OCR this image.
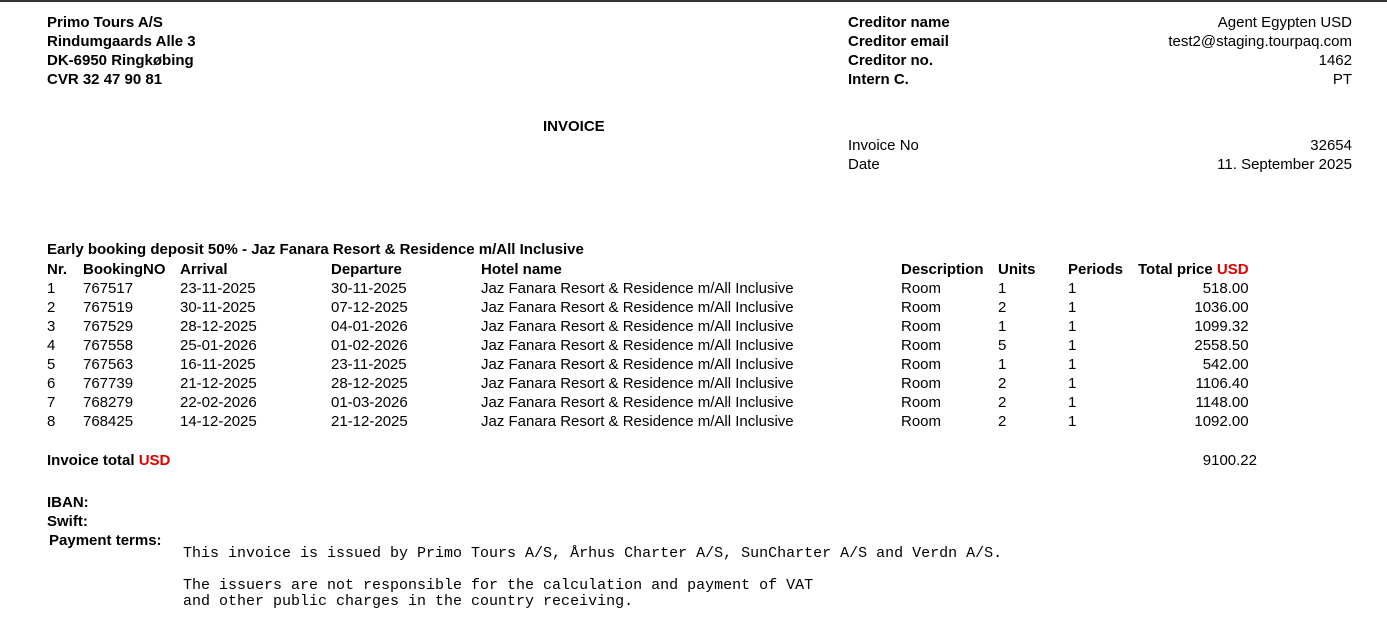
Primo Tours A/S
Rindumgaards Alle 3
DK-6950 Ringkøbing
CVR 32 47 90 81
Creditor name	Agent Egypten USD
Creditor email	test2@staging.tourpaq.com
Creditor no.	1462
Intern C.	PT
INVOICE
Invoice No	32654
Date	11. September 2025
Early booking deposit 50% - Jaz Fanara Resort & Residence m/All Inclusive
Nr.	BookingNO	Arrival	Departure	Hotel name	Description	Units	Periods	Total price USD
1	767517	23-11-2025	30-11-2025	Jaz Fanara Resort & Residence m/All Inclusive	Room	1	1	518.00
2	767519	30-11-2025	07-12-2025	Jaz Fanara Resort & Residence m/All Inclusive	Room	2	1	1036.00
3	767529	28-12-2025	04-01-2026	Jaz Fanara Resort & Residence m/All Inclusive	Room	1	1	1099.32
4	767558	25-01-2026	01-02-2026	Jaz Fanara Resort & Residence m/All Inclusive	Room	5	1	2558.50
5	767563	16-11-2025	23-11-2025	Jaz Fanara Resort & Residence m/All Inclusive	Room	1	1	542.00
6	767739	21-12-2025	28-12-2025	Jaz Fanara Resort & Residence m/All Inclusive	Room	2	1	1106.40
7	768279	22-02-2026	01-03-2026	Jaz Fanara Resort & Residence m/All Inclusive	Room	2	1	1148.00
8	768425	14-12-2025	21-12-2025	Jaz Fanara Resort & Residence m/All Inclusive	Room	2	1	1092.00
Invoice total USD	9100.22
IBAN:
Swift:
Payment terms:
This invoice is issued by Primo Tours A/S, Århus Charter A/S, SunCharter A/S and Verdn A/S.
The issuers are not responsible for the calculation and payment of VAT
and other public charges in the country receiving.
